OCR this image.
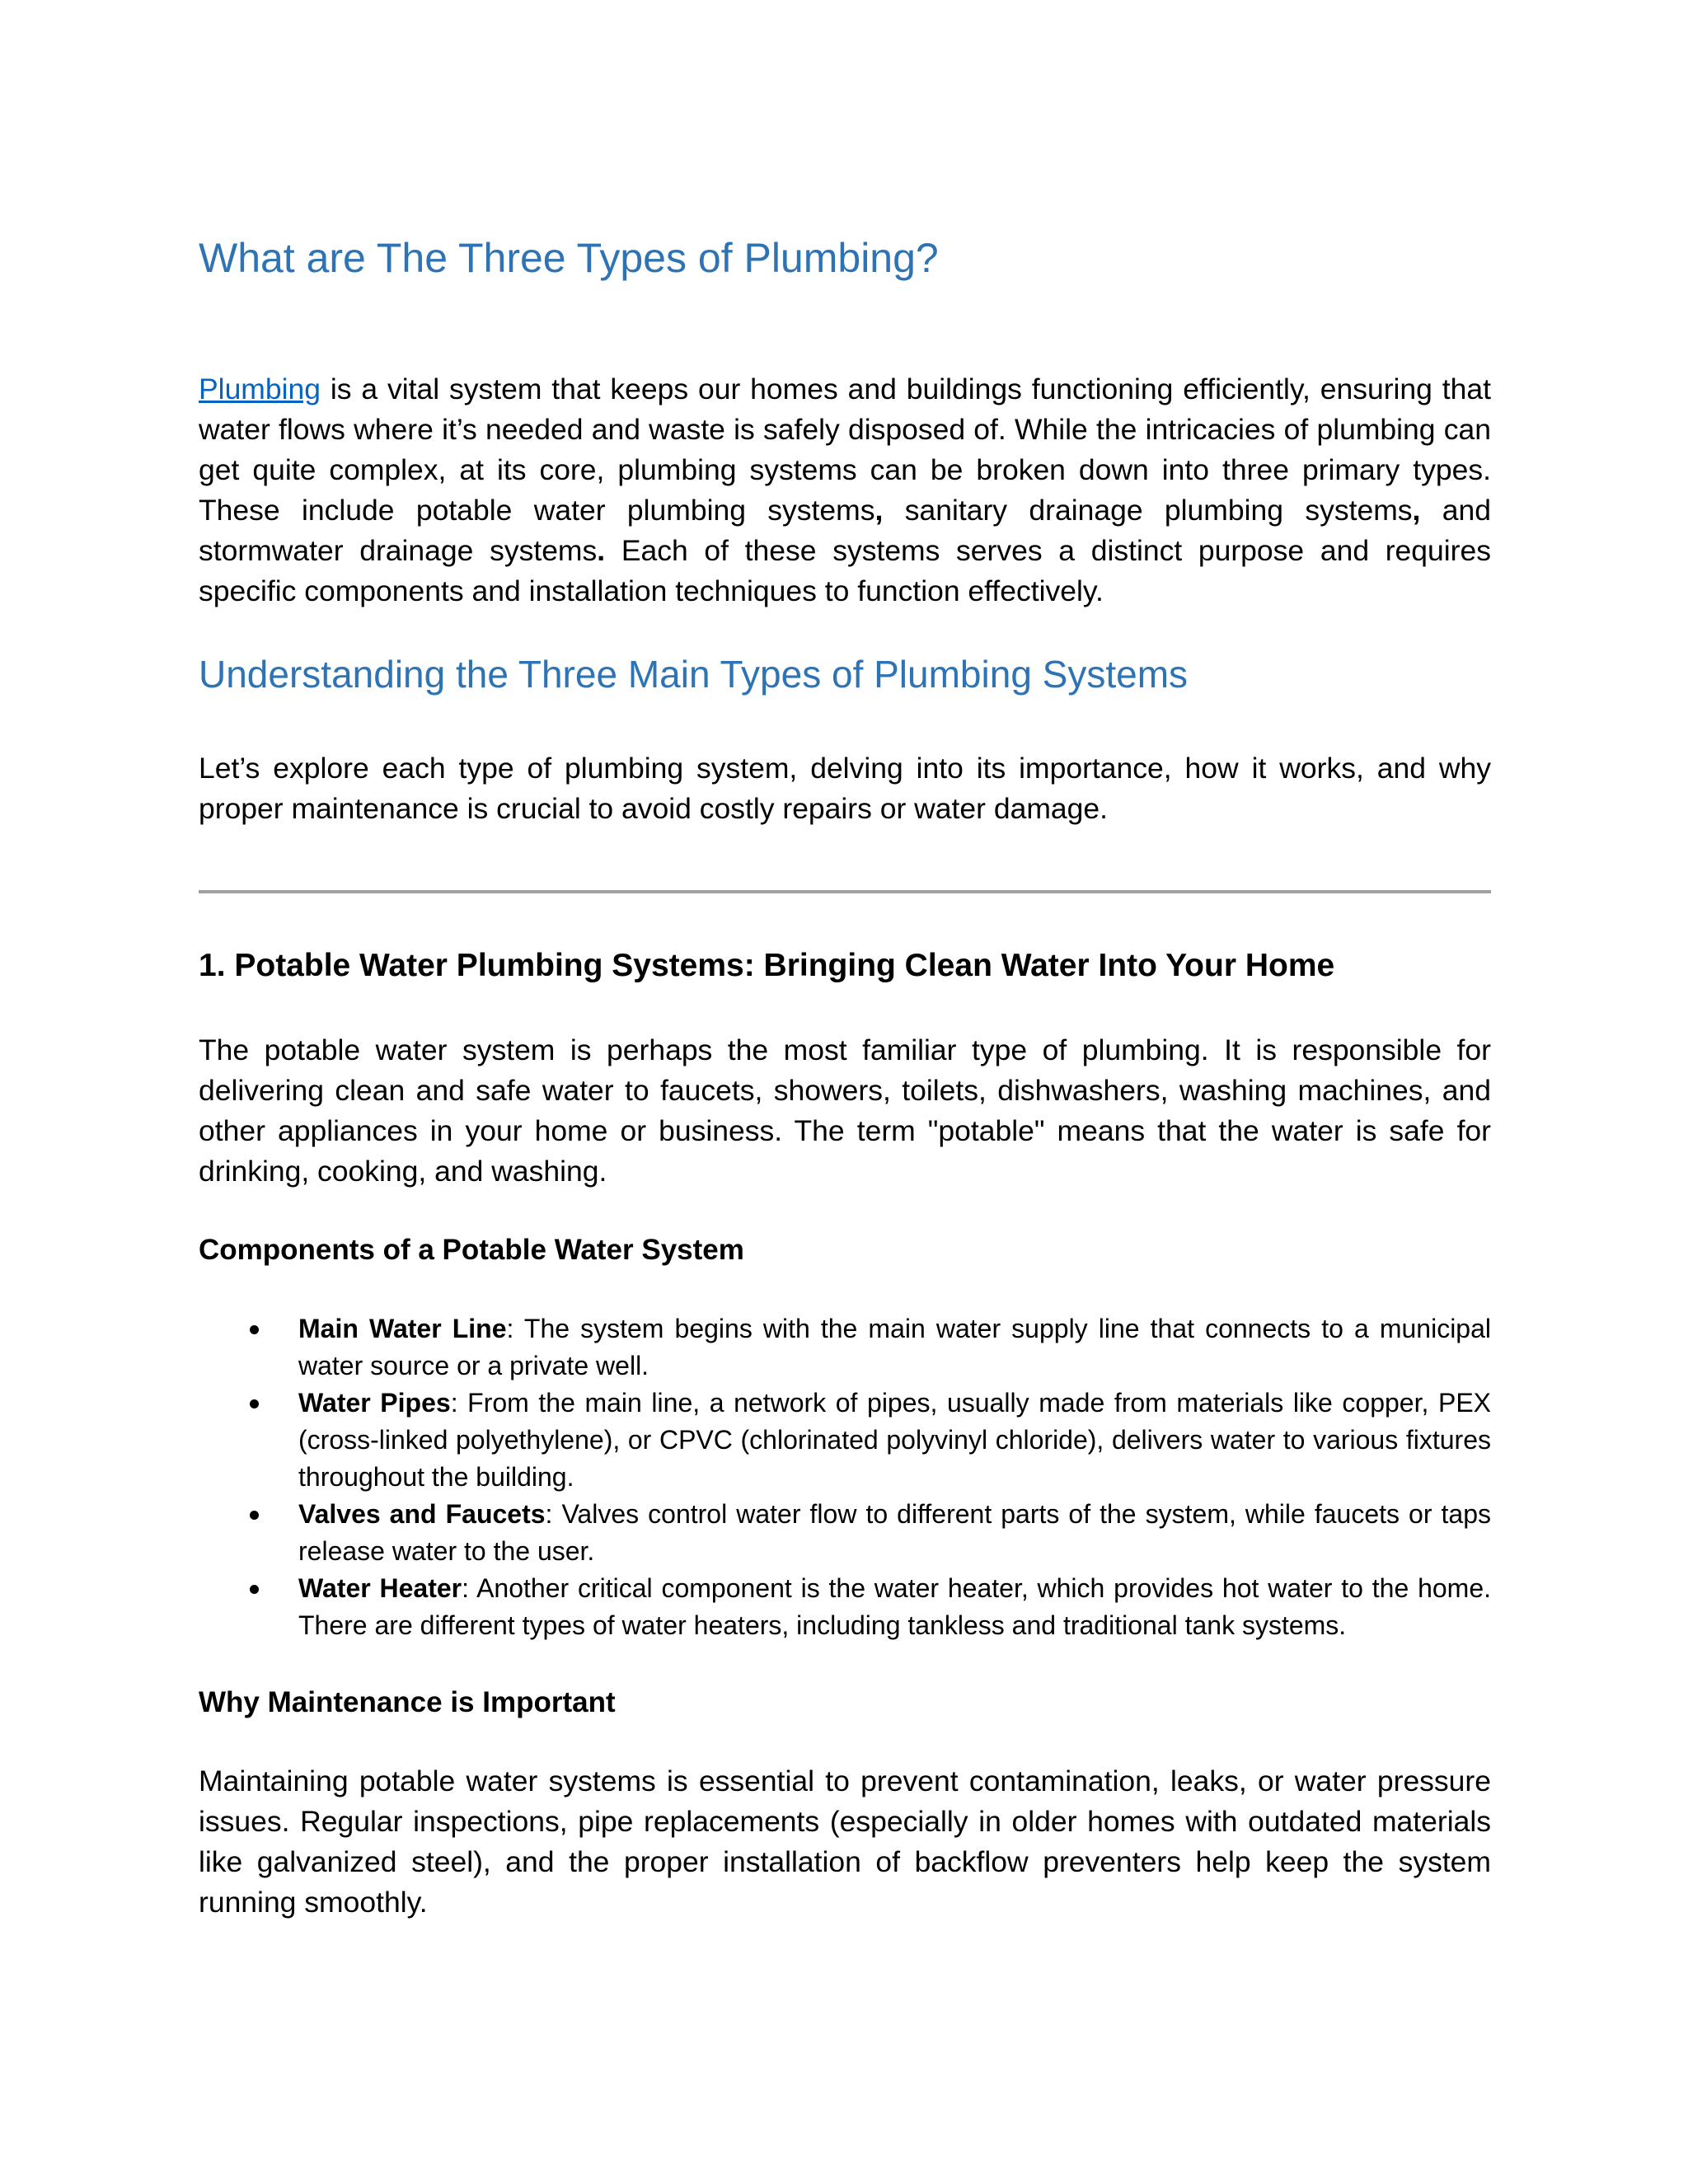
What are The Three Types of Plumbing?

Plumbing is a vital system that keeps our homes and buildings functioning efficiently, ensuring that water flows where it’s needed and waste is safely disposed of. While the intricacies of plumbing can get quite complex, at its core, plumbing systems can be broken down into three primary types. These include potable water plumbing systems, sanitary drainage plumbing systems, and stormwater drainage systems. Each of these systems serves a distinct purpose and requires specific components and installation techniques to function effectively.

Understanding the Three Main Types of Plumbing Systems

Let’s explore each type of plumbing system, delving into its importance, how it works, and why proper maintenance is crucial to avoid costly repairs or water damage.

1. Potable Water Plumbing Systems: Bringing Clean Water Into Your Home

The potable water system is perhaps the most familiar type of plumbing. It is responsible for delivering clean and safe water to faucets, showers, toilets, dishwashers, washing machines, and other appliances in your home or business. The term "potable" means that the water is safe for drinking, cooking, and washing.

Components of a Potable Water System
Main Water Line: The system begins with the main water supply line that connects to a municipal water source or a private well.
Water Pipes: From the main line, a network of pipes, usually made from materials like copper, PEX (cross-linked polyethylene), or CPVC (chlorinated polyvinyl chloride), delivers water to various fixtures throughout the building.
Valves and Faucets: Valves control water flow to different parts of the system, while faucets or taps release water to the user.
Water Heater: Another critical component is the water heater, which provides hot water to the home. There are different types of water heaters, including tankless and traditional tank systems.
Why Maintenance is Important

Maintaining potable water systems is essential to prevent contamination, leaks, or water pressure issues. Regular inspections, pipe replacements (especially in older homes with outdated materials like galvanized steel), and the proper installation of backflow preventers help keep the system running smoothly.
